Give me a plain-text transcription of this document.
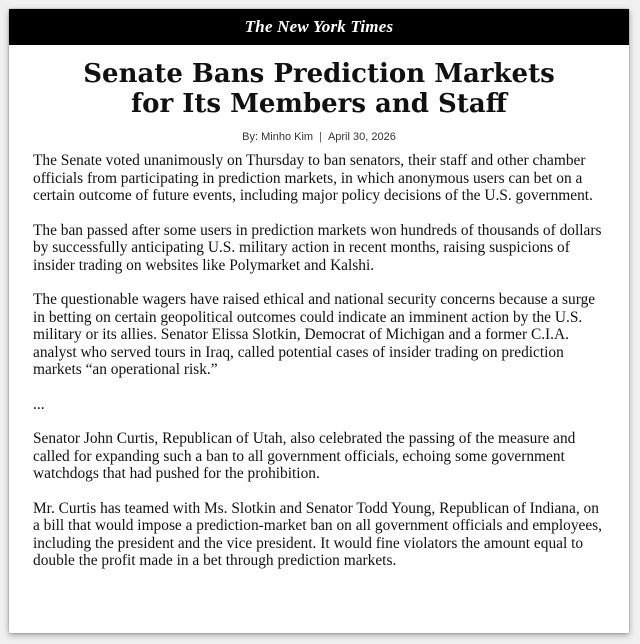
The New York Times
Senate Bans Prediction Markets
for Its Members and Staff
By: Minho Kim | April 30, 2026

The Senate voted unanimously on Thursday to ban senators, their staff and other chamber officials from participating in prediction markets, in which anonymous users can bet on a certain outcome of future events, including major policy decisions of the U.S. government.

The ban passed after some users in prediction markets won hundreds of thousands of dollars by successfully anticipating U.S. military action in recent months, raising suspicions of insider trading on websites like Polymarket and Kalshi.

The questionable wagers have raised ethical and national security concerns because a surge in betting on certain geopolitical outcomes could indicate an imminent action by the U.S. military or its allies. Senator Elissa Slotkin, Democrat of Michigan and a former C.I.A. analyst who served tours in Iraq, called potential cases of insider trading on prediction markets “an operational risk.”

...

Senator John Curtis, Republican of Utah, also celebrated the passing of the measure and called for expanding such a ban to all government officials, echoing some government watchdogs that had pushed for the prohibition.

Mr. Curtis has teamed with Ms. Slotkin and Senator Todd Young, Republican of Indiana, on a bill that would impose a prediction-market ban on all government officials and employees, including the president and the vice president. It would fine violators the amount equal to double the profit made in a bet through prediction markets.
